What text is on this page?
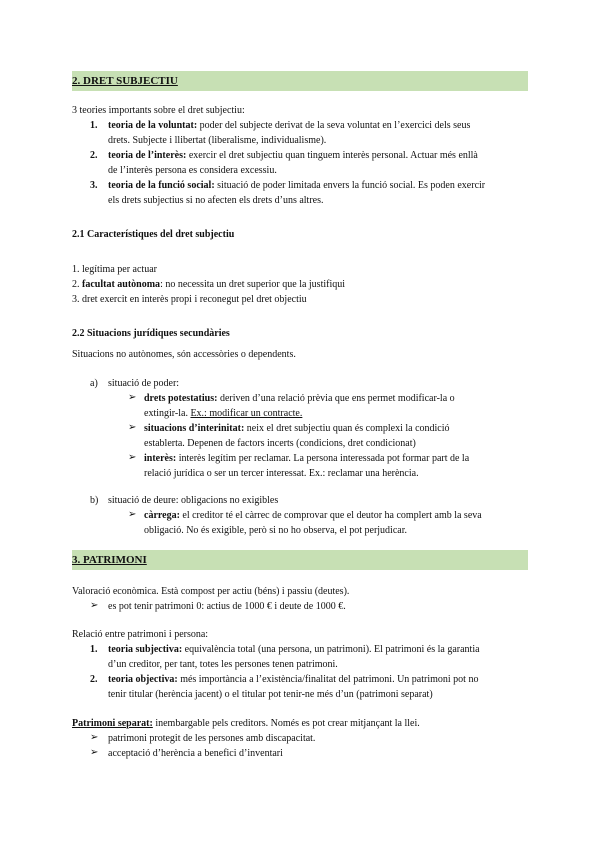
2. DRET SUBJECTIU
3 teories importants sobre el dret subjectiu:
1. teoria de la voluntat: poder del subjecte derivat de la seva voluntat en l’exercici dels seus
drets. Subjecte i llibertat (liberalisme, individualisme).
2. teoria de l’interès: exercir el dret subjectiu quan tinguem interès personal. Actuar més enllà
de l’interès persona es considera excessiu.
3. teoria de la funció social: situació de poder limitada envers la funció social. Es poden exercir
els drets subjectius si no afecten els drets d’uns altres.
2.1 Característiques del dret subjectiu
1. legítima per actuar
2. facultat autònoma: no necessita un dret superior que la justifiqui
3. dret exercit en interès propi i reconegut pel dret objectiu
2.2 Situacions jurídiques secundàries
Situacions no autònomes, són accessòries o dependents.
a) situació de poder:
➢ drets potestatius: deriven d’una relació prèvia que ens permet modificar-la o
extingir-la. Ex.: modificar un contracte.
➢ situacions d’interinitat: neix el dret subjectiu quan és complexi la condició
establerta. Depenen de factors incerts (condicions, dret condicionat)
➢ interès: interès legítim per reclamar. La persona interessada pot formar part de la
relació jurídica o ser un tercer interessat. Ex.: reclamar una herència.
b) situació de deure: obligacions no exigibles
➢ càrrega: el creditor té el càrrec de comprovar que el deutor ha complert amb la seva
obligació. No és exigible, però si no ho observa, el pot perjudicar.
3. PATRIMONI
Valoració econòmica. Està compost per actiu (béns) i passiu (deutes).
➢ es pot tenir patrimoni 0: actius de 1000 € i deute de 1000 €.
Relació entre patrimoni i persona:
1. teoria subjectiva: equivalència total (una persona, un patrimoni). El patrimoni és la garantia
d’un creditor, per tant, totes les persones tenen patrimoni.
2. teoria objectiva: més importància a l’existència/finalitat del patrimoni. Un patrimoni pot no
tenir titular (herència jacent) o el titular pot tenir-ne més d’un (patrimoni separat)
Patrimoni separat: inembargable pels creditors. Només es pot crear mitjançant la llei.
➢ patrimoni protegit de les persones amb discapacitat.
➢ acceptació d’herència a benefici d’inventari
